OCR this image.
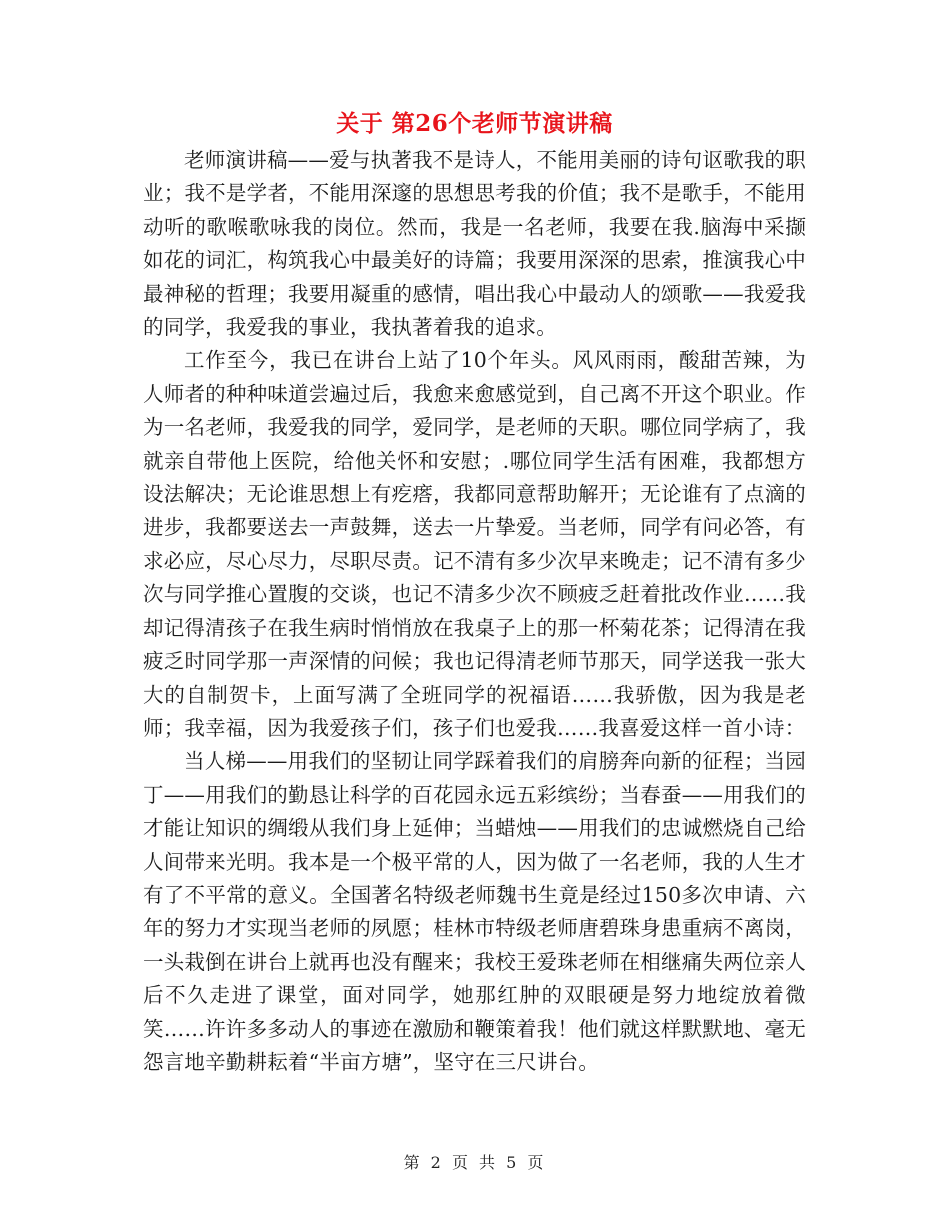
关于 第26个老师节演讲稿

老师演讲稿——爱与执著我不是诗人，不能用美丽的诗句讴歌我的职业；我不是学者，不能用深邃的思想思考我的价值；我不是歌手，不能用动听的歌喉歌咏我的岗位。然而，我是一名老师，我要在我.脑海中采撷如花的词汇，构筑我心中最美好的诗篇；我要用深深的思索，推演我心中最神秘的哲理；我要用凝重的感情，唱出我心中最动人的颂歌——我爱我的同学，我爱我的事业，我执著着我的追求。

工作至今，我已在讲台上站了10个年头。风风雨雨，酸甜苦辣，为人师者的种种味道尝遍过后，我愈来愈感觉到，自己离不开这个职业。作为一名老师，我爱我的同学，爱同学，是老师的天职。哪位同学病了，我就亲自带他上医院，给他关怀和安慰；.哪位同学生活有困难，我都想方设法解决；无论谁思想上有疙瘩，我都同意帮助解开；无论谁有了点滴的进步，我都要送去一声鼓舞，送去一片挚爱。当老师，同学有问必答，有求必应，尽心尽力，尽职尽责。记不清有多少次早来晚走；记不清有多少次与同学推心置腹的交谈，也记不清多少次不顾疲乏赶着批改作业……我却记得清孩子在我生病时悄悄放在我桌子上的那一杯菊花茶；记得清在我疲乏时同学那一声深情的问候；我也记得清老师节那天，同学送我一张大大的自制贺卡，上面写满了全班同学的祝福语……我骄傲，因为我是老师；我幸福，因为我爱孩子们，孩子们也爱我……我喜爱这样一首小诗：

当人梯——用我们的坚韧让同学踩着我们的肩膀奔向新的征程；当园丁——用我们的勤恳让科学的百花园永远五彩缤纷；当春蚕——用我们的才能让知识的绸缎从我们身上延伸；当蜡烛——用我们的忠诚燃烧自己给人间带来光明。我本是一个极平常的人，因为做了一名老师，我的人生才有了不平常的意义。全国著名特级老师魏书生竟是经过150多次申请、六年的努力才实现当老师的夙愿；桂林市特级老师唐碧珠身患重病不离岗，一头栽倒在讲台上就再也没有醒来；我校王爱珠老师在相继痛失两位亲人后不久走进了课堂，面对同学，她那红肿的双眼硬是努力地绽放着微笑……许许多多动人的事迹在激励和鞭策着我！他们就这样默默地、毫无怨言地辛勤耕耘着“半亩方塘”，坚守在三尺讲台。

第 2 页 共 5 页
